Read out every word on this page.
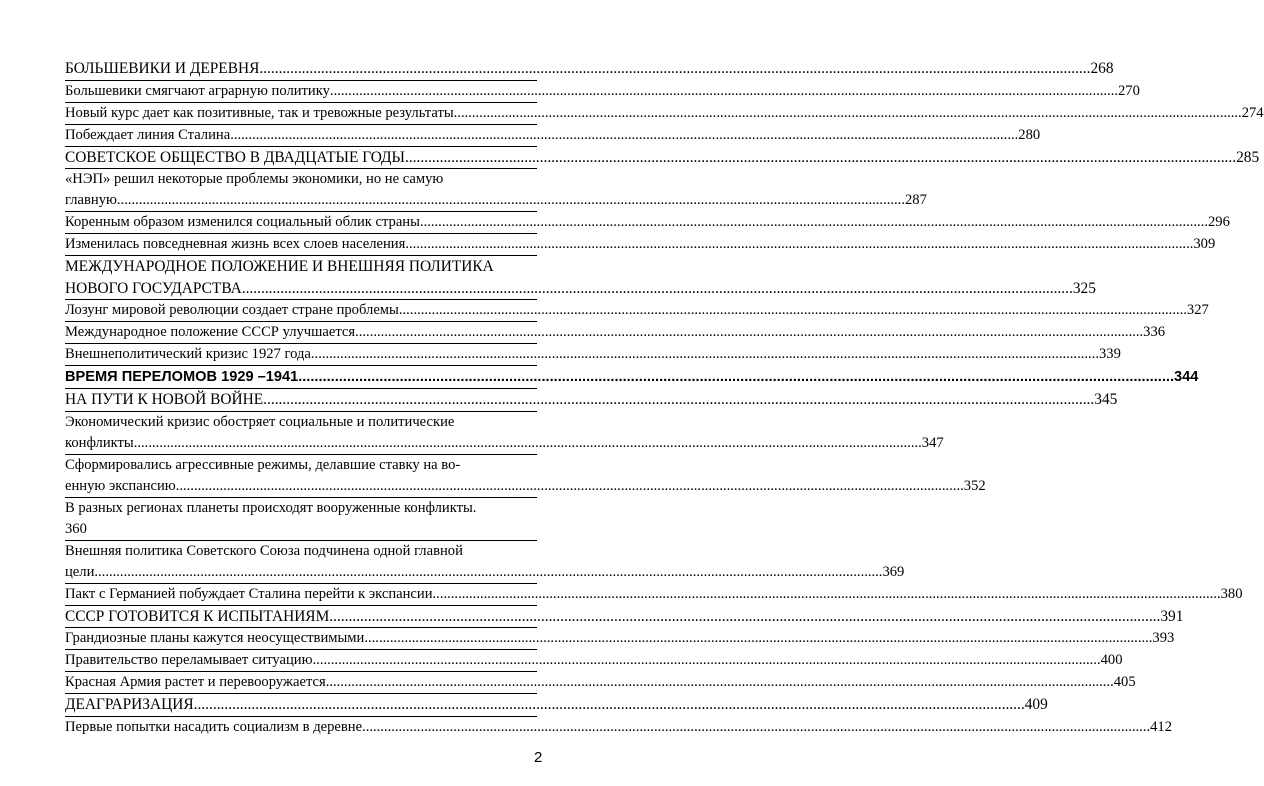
БОЛЬШЕВИКИ И ДЕРЕВНЯ .....	268
Большевики смягчают аграрную политику .....	270
Новый курс дает как позитивные, так и тревожные результаты .....	274
Побеждает линия Сталина .....	280
СОВЕТСКОЕ ОБЩЕСТВО В ДВАДЦАТЫЕ ГОДЫ .....	285
«НЭП» решил некоторые проблемы экономики, но не самую
главную .....	287
Коренным образом изменился социальный облик страны .....	296
Изменилась повседневная жизнь всех слоев населения .....	309
МЕЖДУНАРОДНОЕ ПОЛОЖЕНИЕ И ВНЕШНЯЯ ПОЛИТИКА
НОВОГО ГОСУДАРСТВА .....	325
Лозунг мировой революции создает стране проблемы .....	327
Международное положение СССР улучшается .....	336
Внешнеполитический кризис 1927 года .....	339
ВРЕМЯ ПЕРЕЛОМОВ 1929 –1941 .....	344
НА ПУТИ К НОВОЙ ВОЙНЕ .....	345
Экономический кризис обостряет социальные и политические
конфликты .....	347
Сформировались агрессивные режимы, делавшие ставку на во-
енную экспансию .....	352
В разных регионах планеты происходят вооруженные конфликты.
360
Внешняя политика Советского Союза подчинена одной главной
цели .....	369
Пакт с Германией побуждает Сталина перейти к экспансии .....	380
СССР ГОТОВИТСЯ К ИСПЫТАНИЯМ .....	391
Грандиозные планы кажутся неосуществимыми .....	393
Правительство переламывает ситуацию .....	400
Красная Армия растет и перевооружается .....	405
ДЕАГРАРИЗАЦИЯ .....	409
Первые попытки насадить социализм в деревне .....	412
2
